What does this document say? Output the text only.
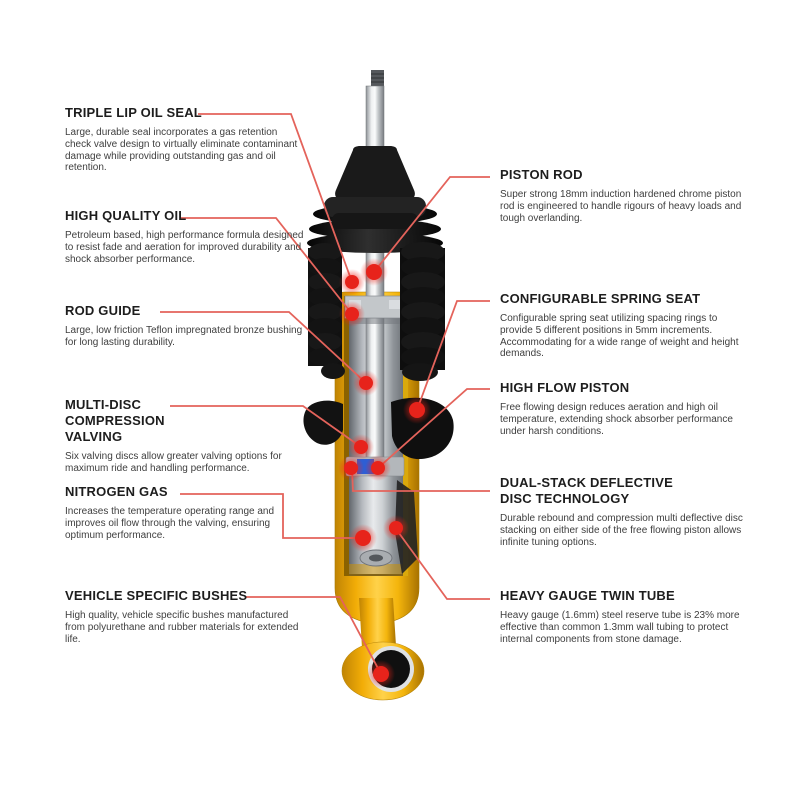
TRIPLE LIP OIL SEAL

Large, durable seal incorporates a gas retention check valve design to virtually eliminate contaminant damage while providing outstanding gas and oil retention.

HIGH QUALITY OIL

Petroleum based, high performance formula designed to resist fade and aeration for improved durability and shock absorber performance.

ROD GUIDE

Large, low friction Teflon impregnated bronze bushing for long lasting durability.

MULTI-DISC COMPRESSION VALVING

Six valving discs allow greater valving options for maximum ride and handling performance.

NITROGEN GAS

Increases the temperature operating range and improves oil flow through the valving, ensuring optimum performance.

VEHICLE SPECIFIC BUSHES

High quality, vehicle specific bushes manufactured from polyurethane and rubber materials for extended life.

PISTON ROD

Super strong 18mm induction hardened chrome piston rod is engineered to handle rigours of heavy loads and tough overlanding.

CONFIGURABLE SPRING SEAT

Configurable spring seat utilizing spacing rings to provide 5 different positions in 5mm increments. Accommodating for a wide range of weight and height demands.

HIGH FLOW PISTON

Free flowing design reduces aeration and high oil temperature, extending shock absorber performance under harsh conditions.

DUAL-STACK DEFLECTIVE DISC TECHNOLOGY

Durable rebound and compression multi deflective disc stacking on either side of the free flowing piston allows infinite tuning options.

HEAVY GAUGE TWIN TUBE

Heavy gauge (1.6mm) steel reserve tube is 23% more effective than common 1.3mm wall tubing to protect internal components from stone damage.
